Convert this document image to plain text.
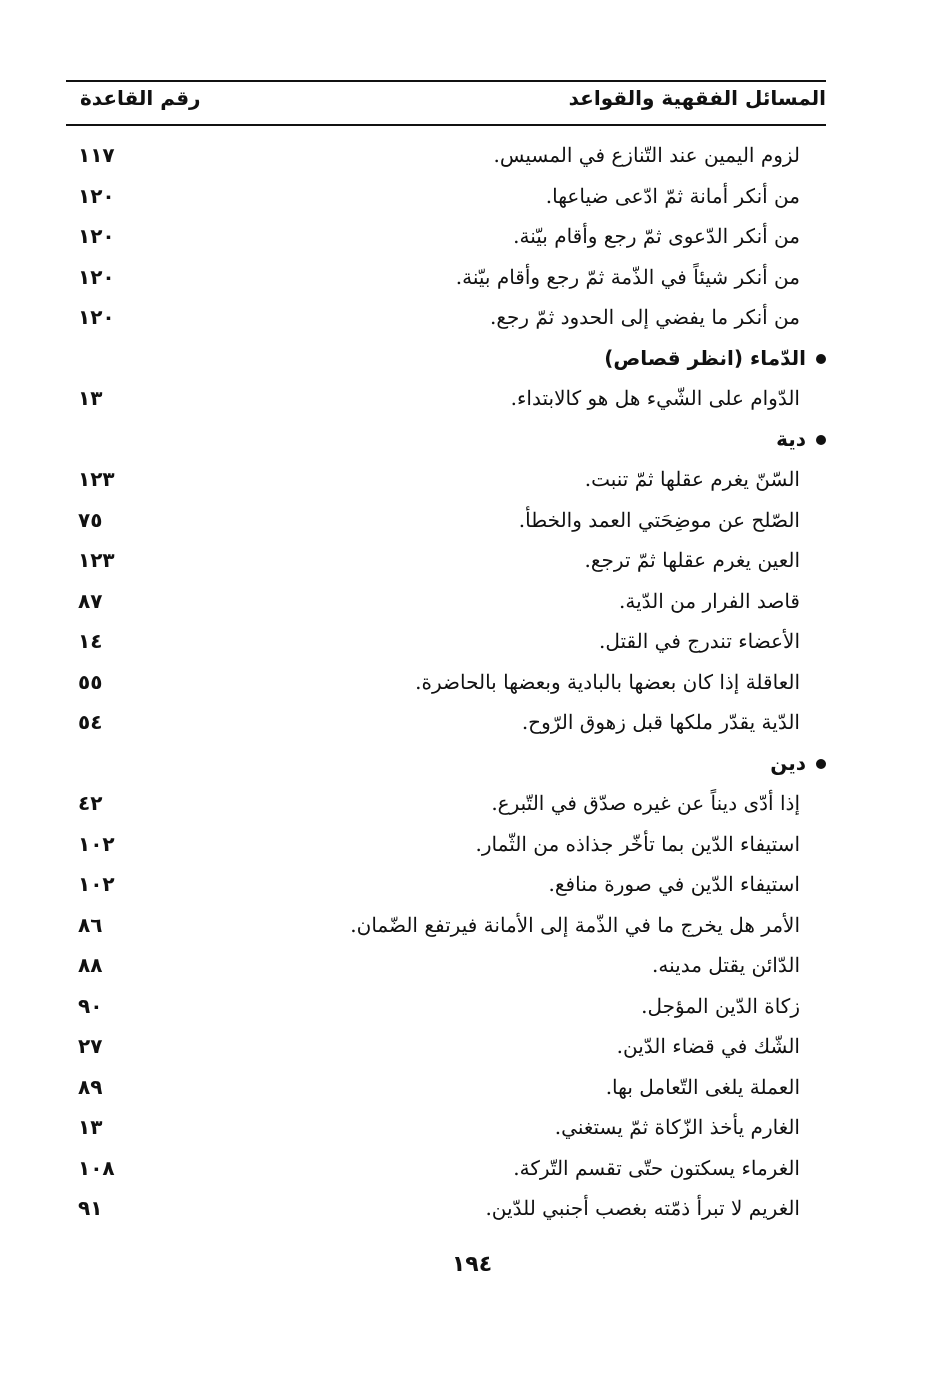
المسائل الفقهية والقواعد
رقم القاعدة
لزوم اليمين عند التّنازع في المسيس.
١١٧
من أنكر أمانة ثمّ ادّعى ضياعها.
١٢٠
من أنكر الدّعوى ثمّ رجع وأقام بيّنة.
١٢٠
من أنكر شيئاً في الذّمة ثمّ رجع وأقام بيّنة.
١٢٠
من أنكر ما يفضي إلى الحدود ثمّ رجع.
١٢٠
الدّماء (انظر قصاص)
الدّوام على الشّيء هل هو كالابتداء.
١٣
دية
السّنّ يغرم عقلها ثمّ تنبت.
١٢٣
الصّلح عن موضِحَتي العمد والخطأ.
٧٥
العين يغرم عقلها ثمّ ترجع.
١٢٣
قاصد الفرار من الدّية.
٨٧
الأعضاء تندرج في القتل.
١٤
العاقلة إذا كان بعضها بالبادية وبعضها بالحاضرة.
٥٥
الدّية يقدّر ملكها قبل زهوق الرّوح.
٥٤
دين
إذا أدّى ديناً عن غيره صدّق في التّبرع.
٤٢
استيفاء الدّين بما تأخّر جذاذه من الثّمار.
١٠٢
استيفاء الدّين في صورة منافع.
١٠٢
الأمر هل يخرج ما في الذّمة إلى الأمانة فيرتفع الضّمان.
٨٦
الدّائن يقتل مدينه.
٨٨
زكاة الدّين المؤجل.
٩٠
الشّك في قضاء الدّين.
٢٧
العملة يلغى التّعامل بها.
٨٩
الغارم يأخذ الزّكاة ثمّ يستغني.
١٣
الغرماء يسكتون حتّى تقسم التّركة.
١٠٨
الغريم لا تبرأ ذمّته بغصب أجنبي للدّين.
٩١
١٩٤
